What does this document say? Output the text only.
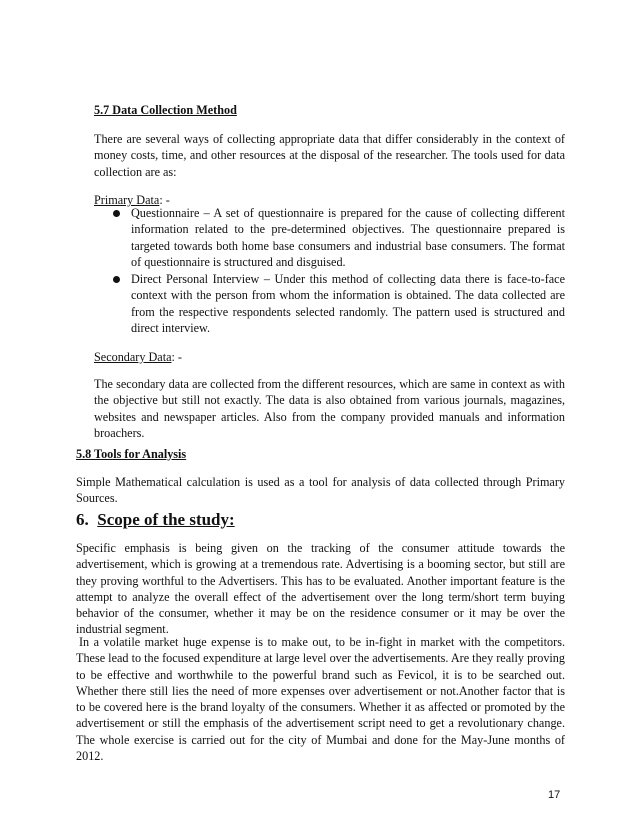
5.7 Data Collection Method

There are several ways of collecting appropriate data that differ considerably in the context of money costs, time, and other resources at the disposal of the researcher. The tools used for data collection are as:

Primary Data: -

Questionnaire – A set of questionnaire is prepared for the cause of collecting different information related to the pre-determined objectives. The questionnaire prepared is targeted towards both home base consumers and industrial base consumers. The format of questionnaire is structured and disguised.

Direct Personal Interview – Under this method of collecting data there is face-to-face context with the person from whom the information is obtained. The data collected are from the respective respondents selected randomly. The pattern used is structured and direct interview.

Secondary Data: -

The secondary data are collected from the different resources, which are same in context as with the objective but still not exactly. The data is also obtained from various journals, magazines, websites and newspaper articles. Also from the company provided manuals and information broachers.

5.8 Tools for Analysis

Simple Mathematical calculation is used as a tool for analysis of data collected through Primary Sources.

6. Scope of the study:

Specific emphasis is being given on the tracking of the consumer attitude towards the advertisement, which is growing at a tremendous rate. Advertising is a booming sector, but still are they proving worthful to the Advertisers. This has to be evaluated. Another important feature is the attempt to analyze the overall effect of the advertisement over the long term/short term buying behavior of the consumer, whether it may be on the residence consumer or it may be over the industrial segment.

In a volatile market huge expense is to make out, to be in-fight in market with the competitors. These lead to the focused expenditure at large level over the advertisements. Are they really proving to be effective and worthwhile to the powerful brand such as Fevicol, it is to be searched out. Whether there still lies the need of more expenses over advertisement or not.Another factor that is to be covered here is the brand loyalty of the consumers. Whether it as affected or promoted by the advertisement or still the emphasis of the advertisement script need to get a revolutionary change. The whole exercise is carried out for the city of Mumbai and done for the May-June months of 2012.

17
